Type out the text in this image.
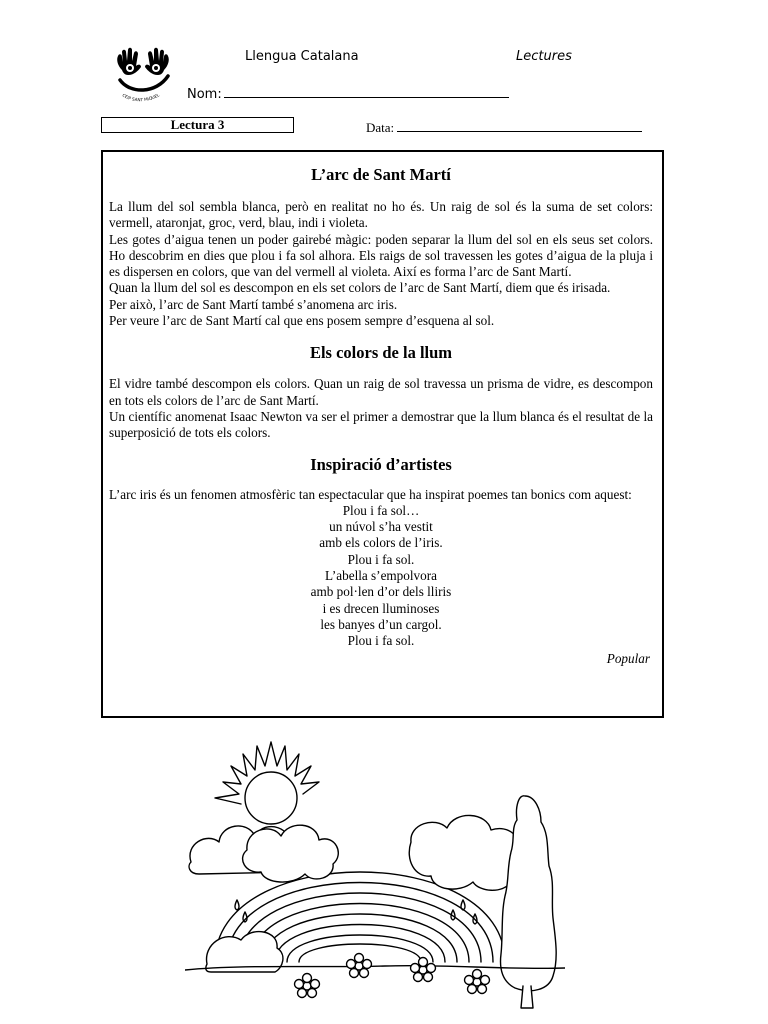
CEIP SANT MIQUEL
Llengua Catalana	Lectures
Nom:
Lectura 3	Data:
L’arc de Sant Martí

La llum del sol sembla blanca, però en realitat no ho és. Un raig de sol és la suma de set colors: vermell, ataronjat, groc, verd, blau, indi i violeta.

Les gotes d’aigua tenen un poder gairebé màgic: poden separar la llum del sol en els seus set colors. Ho descobrim en dies que plou i fa sol alhora. Els raigs de sol travessen les gotes d’aigua de la pluja i es dispersen en colors, que van del vermell al violeta. Així es forma l’arc de Sant Martí.

Quan la llum del sol es descompon en els set colors de l’arc de Sant Martí, diem que és irisada.

Per això, l’arc de Sant Martí també s’anomena arc iris.

Per veure l’arc de Sant Martí cal que ens posem sempre d’esquena al sol.

Els colors de la llum

El vidre també descompon els colors. Quan un raig de sol travessa un prisma de vidre, es descompon en tots els colors de l’arc de Sant Martí.

Un científic anomenat Isaac Newton va ser el primer a demostrar que la llum blanca és el resultat de la superposició de tots els colors.

Inspiració d’artistes

L’arc iris és un fenomen atmosfèric tan espectacular que ha inspirat poemes tan bonics com aquest:

Plou i fa sol…
un núvol s’ha vestit
amb els colors de l’iris.
Plou i fa sol.
L’abella s’empolvora
amb pol·len d’or dels lliris
i es drecen lluminoses
les banyes d’un cargol.
Plou i fa sol.
Popular
